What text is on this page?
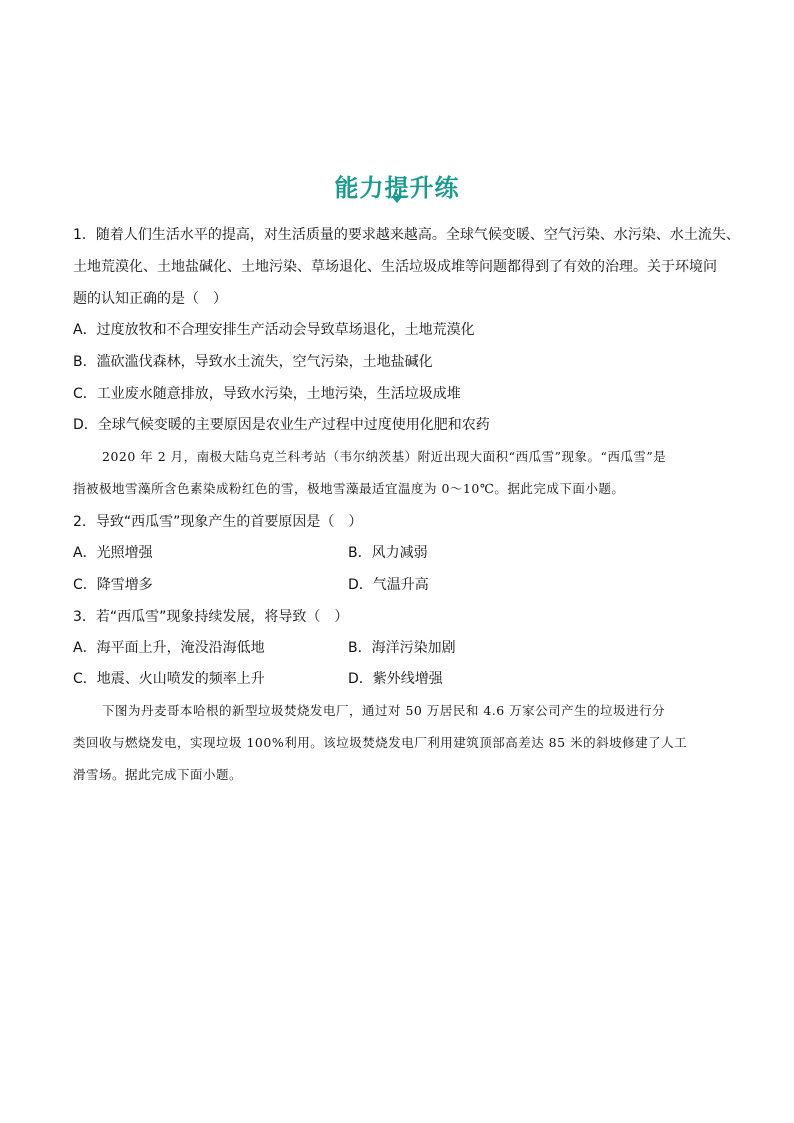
能力提升练
1．随着人们生活水平的提高，对生活质量的要求越来越高。全球气候变暖、空气污染、水污染、水土流失、
土地荒漠化、土地盐碱化、土地污染、草场退化、生活垃圾成堆等问题都得到了有效的治理。关于环境问
题的认知正确的是（　）
A．过度放牧和不合理安排生产活动会导致草场退化，土地荒漠化
B．滥砍滥伐森林，导致水土流失，空气污染，土地盐碱化
C．工业废水随意排放，导致水污染，土地污染，生活垃圾成堆
D．全球气候变暖的主要原因是农业生产过程中过度使用化肥和农药
2020 年 2 月，南极大陆乌克兰科考站（韦尔纳茨基）附近出现大面积“西瓜雪”现象。“西瓜雪”是
指被极地雪藻所含色素染成粉红色的雪，极地雪藻最适宜温度为 0～10℃。据此完成下面小题。
2．导致“西瓜雪”现象产生的首要原因是（　）
A．光照增强	B．风力减弱
C．降雪增多	D．气温升高
3．若“西瓜雪”现象持续发展，将导致（　）
A．海平面上升，淹没沿海低地	B．海洋污染加剧
C．地震、火山喷发的频率上升	D．紫外线增强
下图为丹麦哥本哈根的新型垃圾焚烧发电厂，通过对 50 万居民和 4.6 万家公司产生的垃圾进行分
类回收与燃烧发电，实现垃圾 100%利用。该垃圾焚烧发电厂利用建筑顶部高差达 85 米的斜坡修建了人工
滑雪场。据此完成下面小题。
